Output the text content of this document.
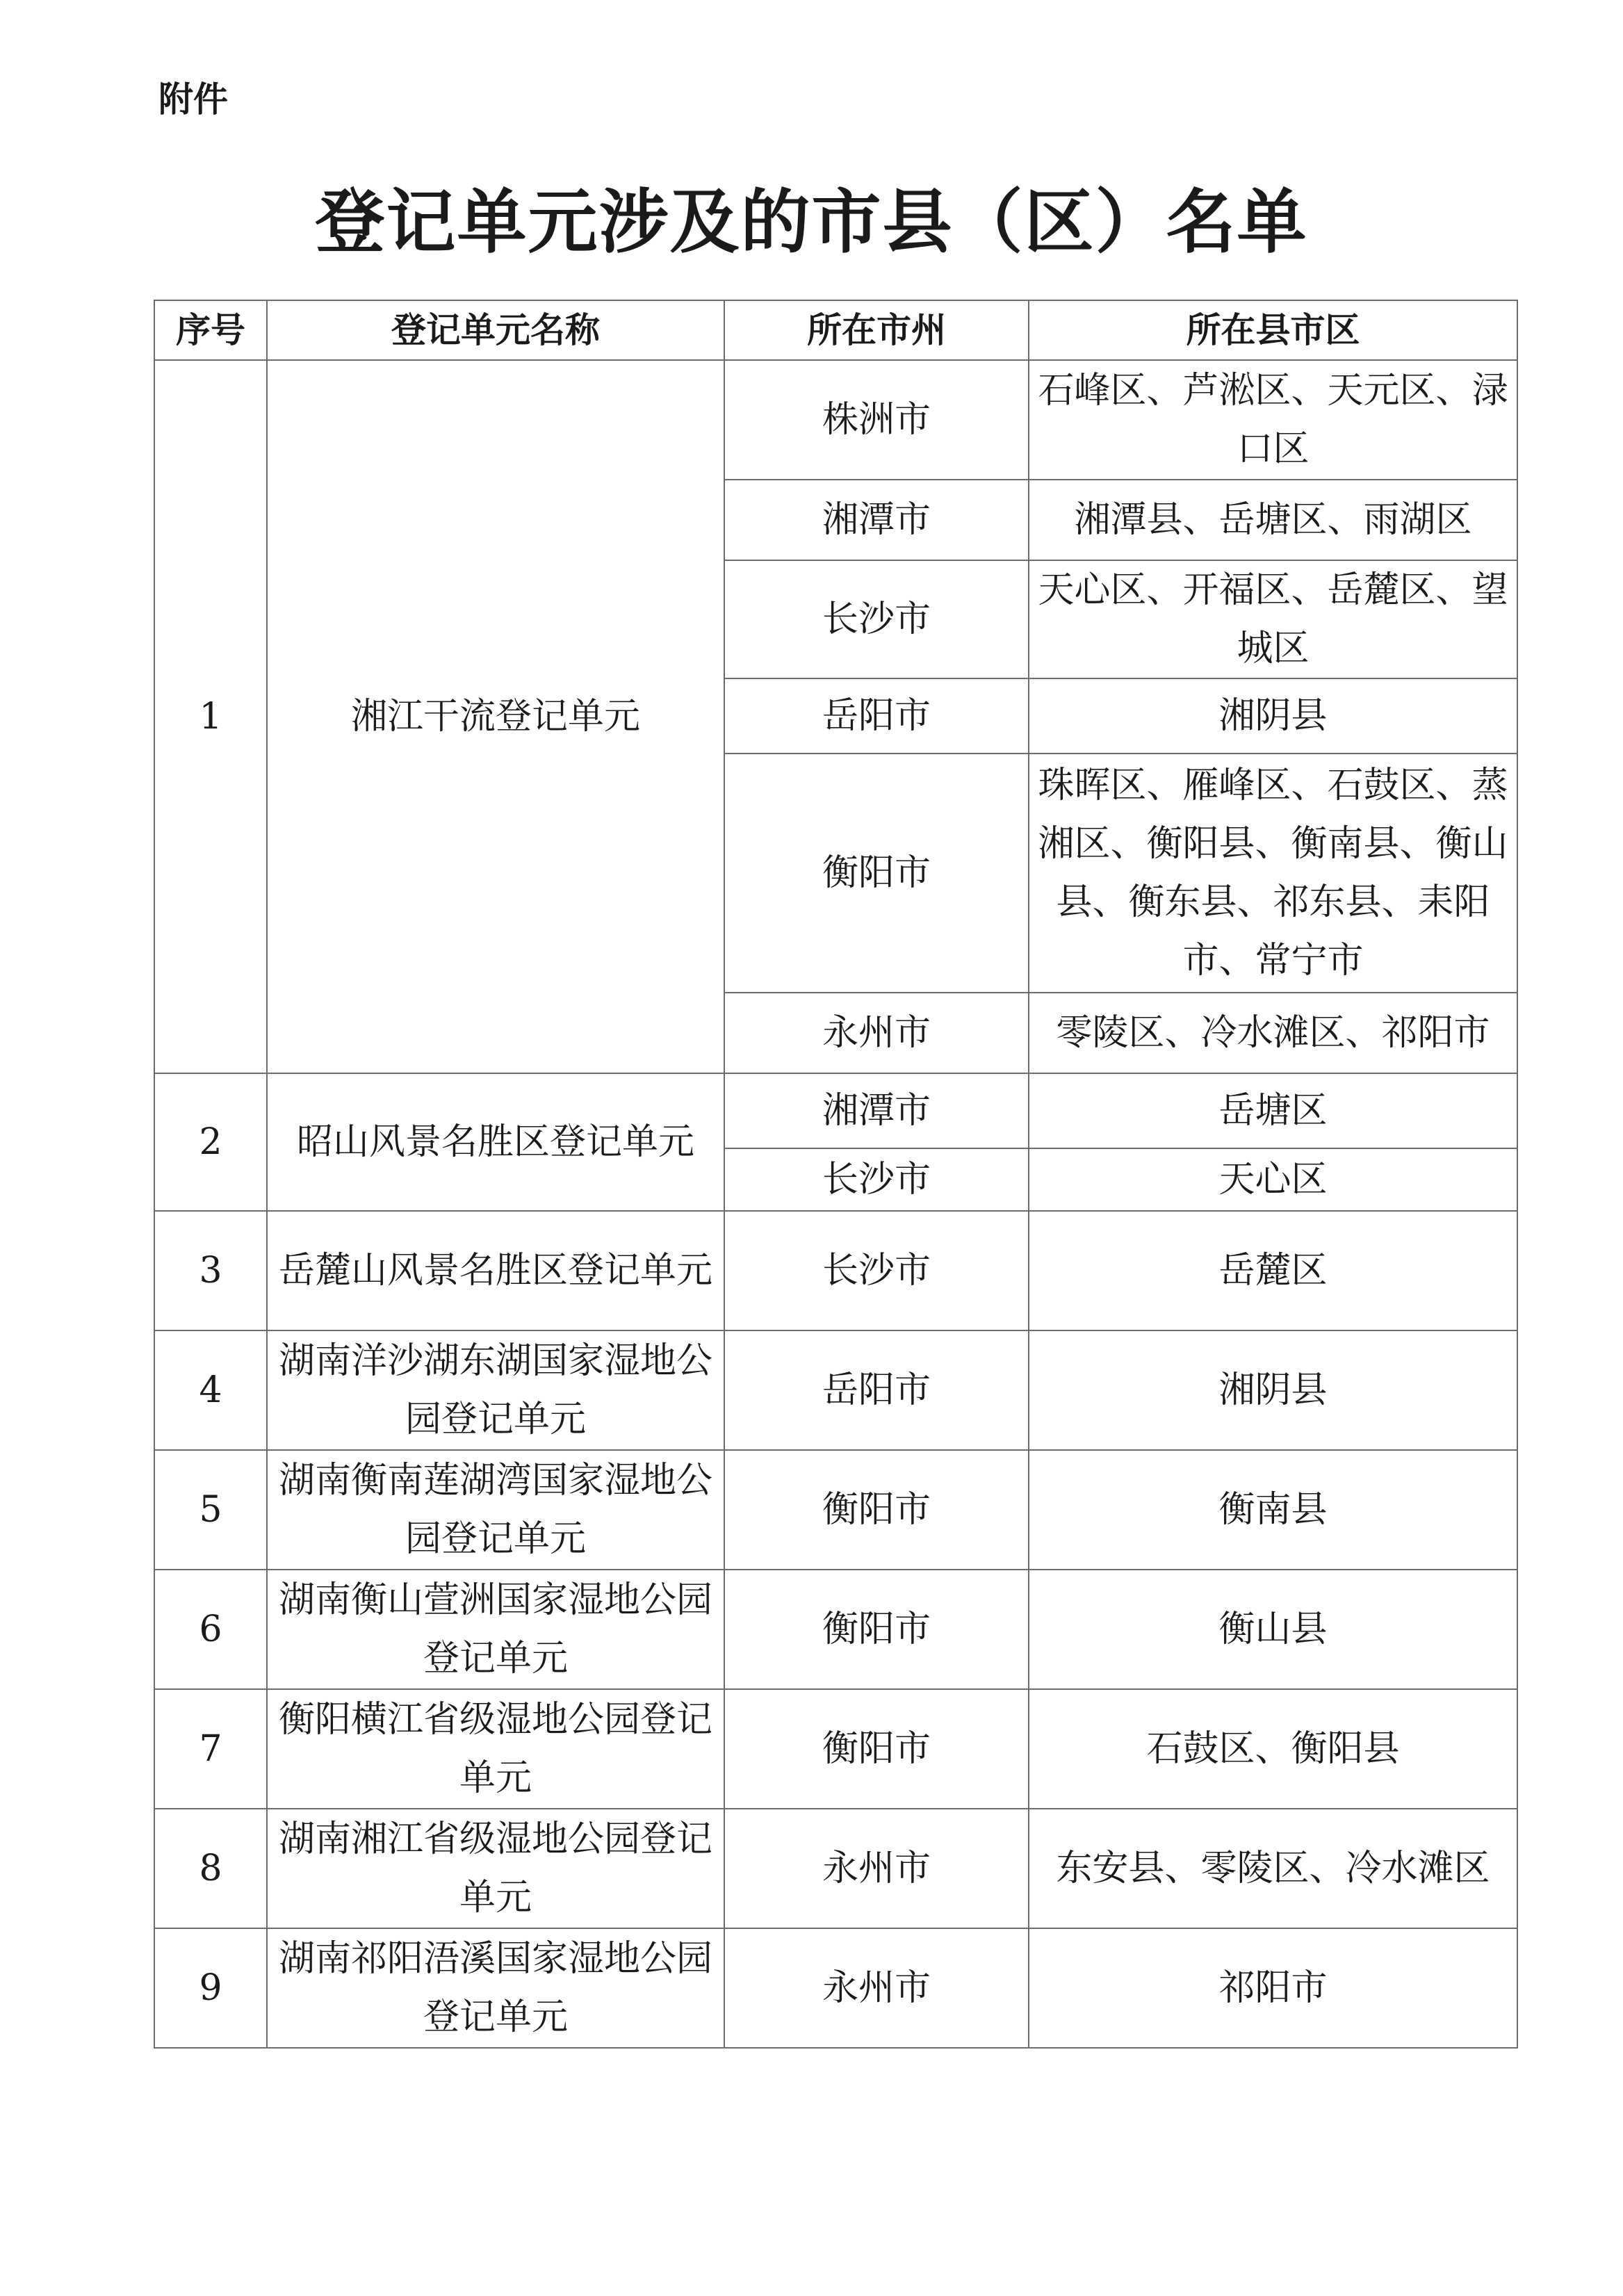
附件

登记单元涉及的市县（区）名单
序号	登记单元名称	所在市州	所在县市区
1	湘江干流登记单元	株洲市	石峰区、芦淞区、天元区、渌口区
		湘潭市	湘潭县、岳塘区、雨湖区
		长沙市	天心区、开福区、岳麓区、望城区
		岳阳市	湘阴县
		衡阳市	珠晖区、雁峰区、石鼓区、蒸湘区、衡阳县、衡南县、衡山县、衡东县、祁东县、耒阳市、常宁市
		永州市	零陵区、冷水滩区、祁阳市
2	昭山风景名胜区登记单元	湘潭市	岳塘区
		长沙市	天心区
3	岳麓山风景名胜区登记单元	长沙市	岳麓区
4	湖南洋沙湖东湖国家湿地公园登记单元	岳阳市	湘阴县
5	湖南衡南莲湖湾国家湿地公园登记单元	衡阳市	衡南县
6	湖南衡山萱洲国家湿地公园登记单元	衡阳市	衡山县
7	衡阳横江省级湿地公园登记单元	衡阳市	石鼓区、衡阳县
8	湖南湘江省级湿地公园登记单元	永州市	东安县、零陵区、冷水滩区
9	湖南祁阳浯溪国家湿地公园登记单元	永州市	祁阳市
